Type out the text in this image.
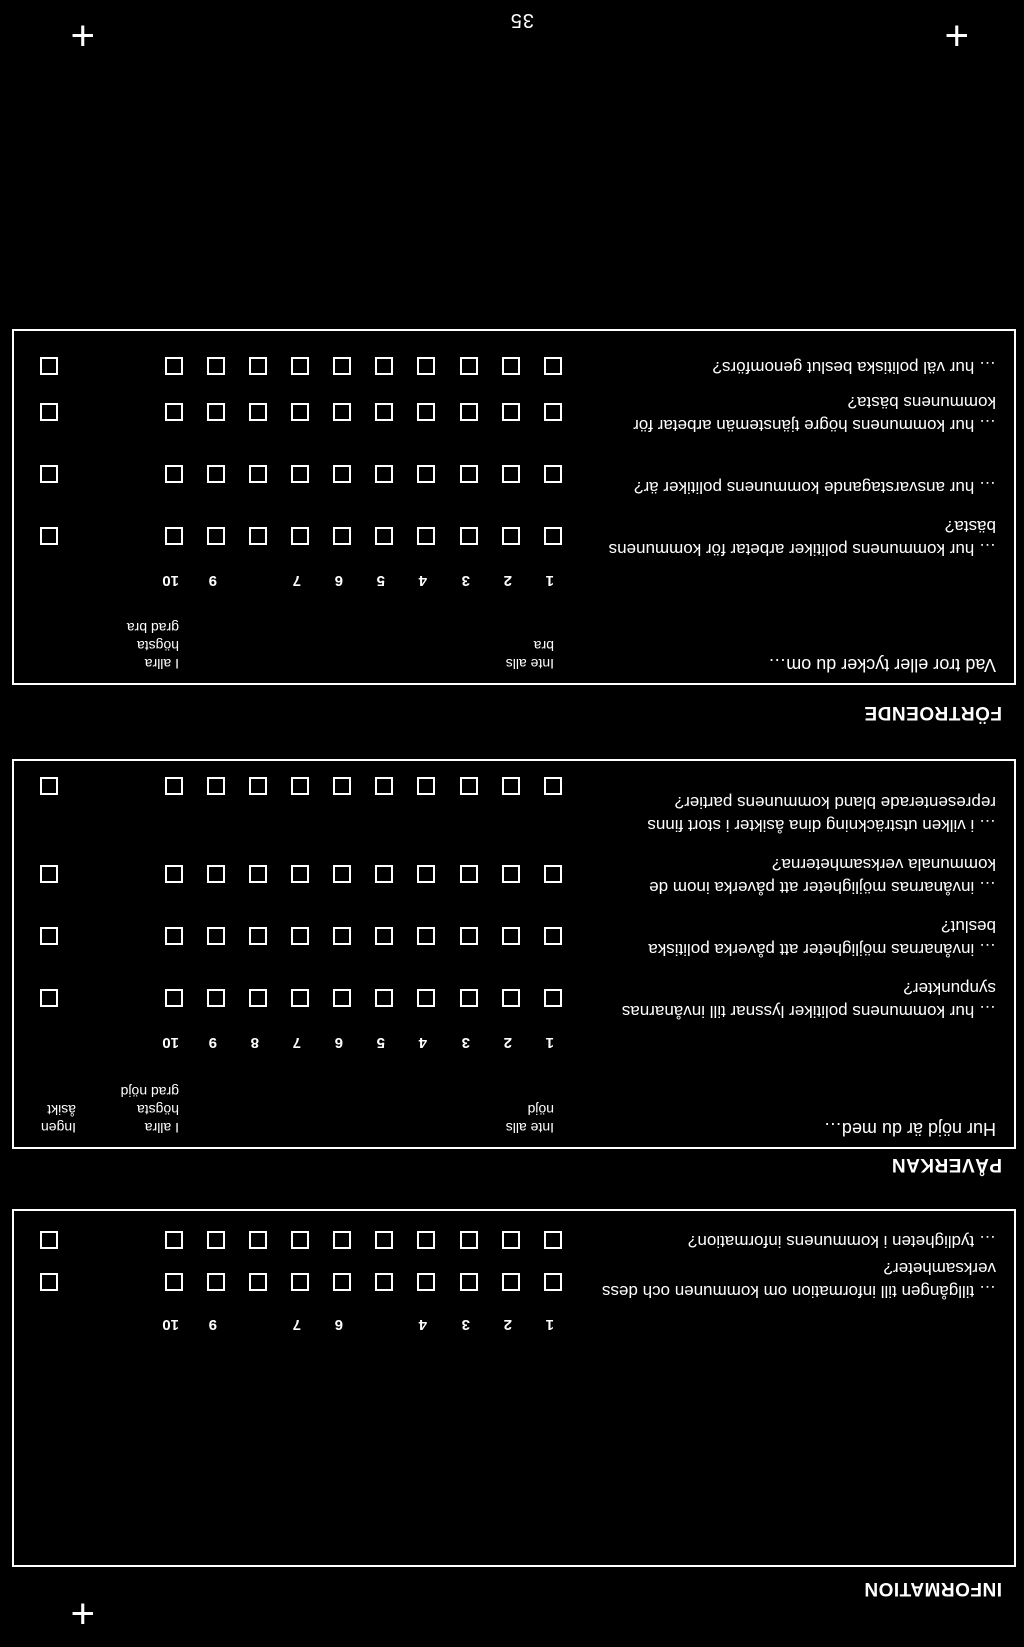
35	+
+
+
INFORMATION
1
2
3
4
6
7
9
10
… tillgången till information om kommunen och dess verksamheter?
… tydligheten i kommunens information?
PÅVERKAN
Hur nöjd är du med…
Inte alls nöjd
I allra högsta grad nöjd
Ingen åsikt
1
2
3
4
5
6
7
8
9
10
… hur kommunens politiker lyssnar till invånarnas synpunkter?
… invånarnas möjligheter att påverka politiska beslut?
… invånarnas möjligheter att påverka inom de kommunala verksamheterna?
… i vilken utsträckning dina åsikter i stort finns representerade bland kommunens partier?
FÖRTROENDE
Vad tror eller tycker du om…
Inte alls bra
I allra högsta grad bra
1
2
3
4
5
6
7
9
10
… hur kommunens politiker arbetar för kommunens bästa?
… hur ansvarstagande kommunens politiker är?
… hur kommunens högre tjänstemän arbetar för kommunens bästa?
… hur väl politiska beslut genomförs?
